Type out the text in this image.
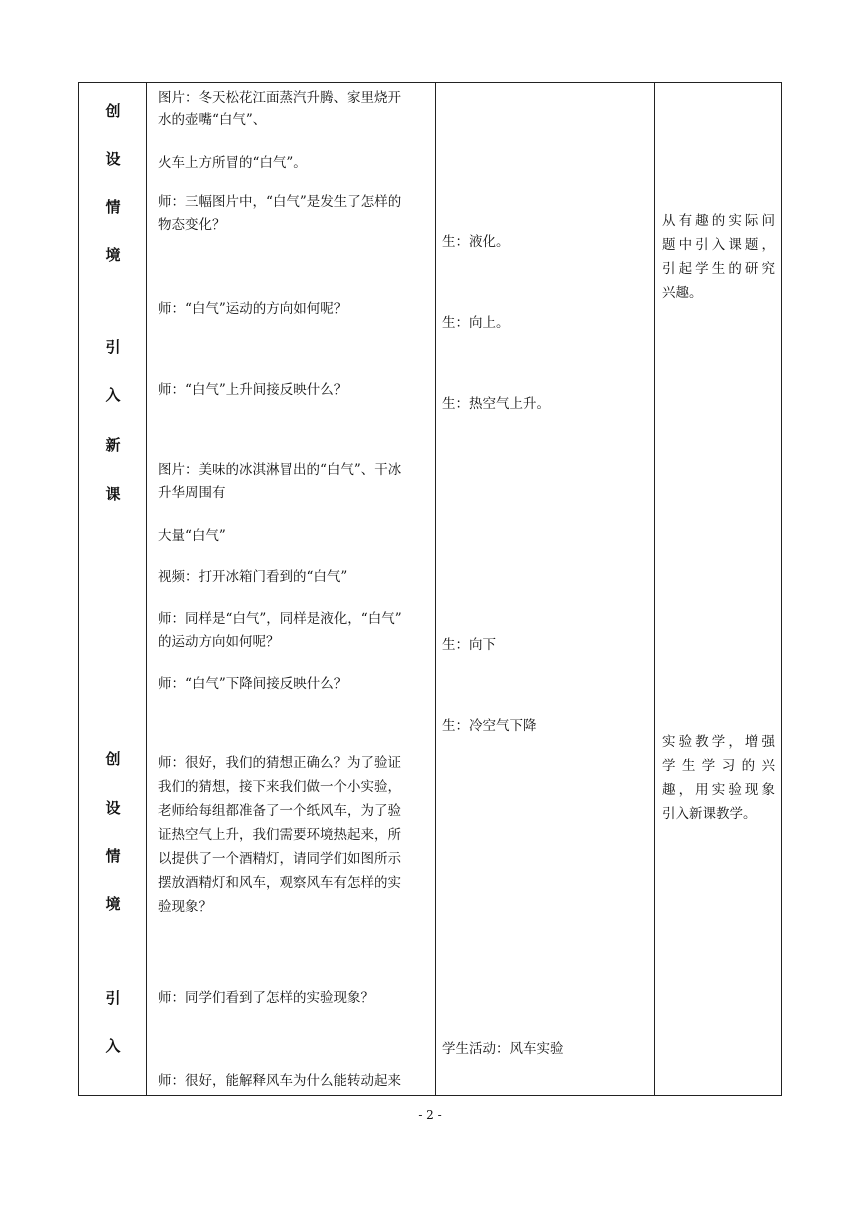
创
设
情
境
引
入
新
课
创
设
情
境
引
入
图片：冬天松花江面蒸汽升腾、家里烧开
水的壶嘴“白气”、
火车上方所冒的“白气”。
师：三幅图片中，“白气”是发生了怎样的
物态变化？
师：“白气”运动的方向如何呢？
师：“白气”上升间接反映什么？
图片：美味的冰淇淋冒出的“白气”、干冰
升华周围有
大量“白气”
视频：打开冰箱门看到的“白气”
师：同样是“白气”，同样是液化，“白气”
的运动方向如何呢？
师：“白气”下降间接反映什么？
师：很好，我们的猜想正确么？为了验证
我们的猜想，接下来我们做一个小实验，
老师给每组都准备了一个纸风车，为了验
证热空气上升，我们需要环境热起来，所
以提供了一个酒精灯，请同学们如图所示
摆放酒精灯和风车，观察风车有怎样的实
验现象？
师：同学们看到了怎样的实验现象？
师：很好，能解释风车为什么能转动起来
生：液化。
生：向上。
生：热空气上升。
生：向下
生：冷空气下降
学生活动：风车实验
从有趣的实际问
题中引入课题，
引起学生的研究
兴趣。
实验教学，增强
学生学习的兴
趣，用实验现象
引入新课教学。
- 2 -
